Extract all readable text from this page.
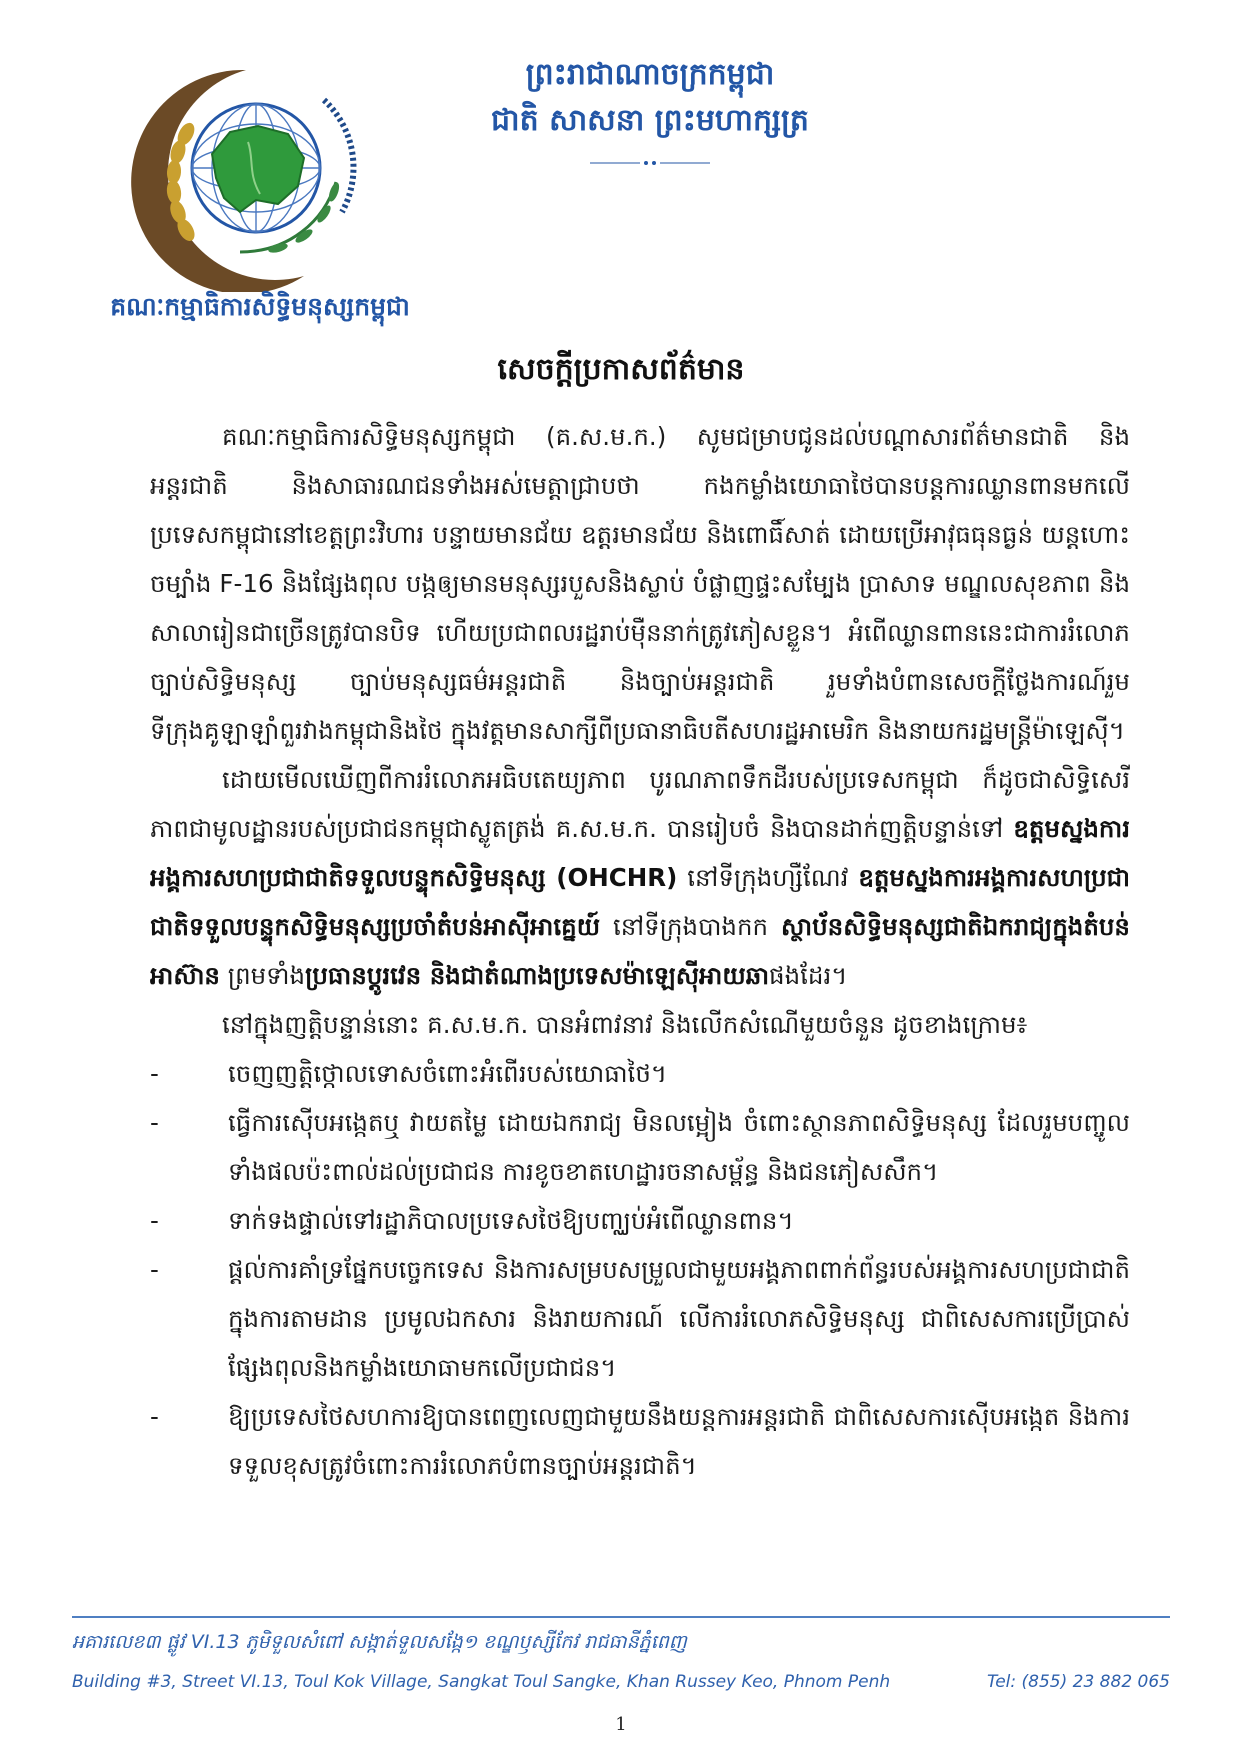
គណៈកម្មាធិការសិទ្ធិមនុស្សកម្ពុជា
ព្រះរាជាណាចក្រកម្ពុជា
ជាតិ សាសនា ព្រះមហាក្សត្រ
សេចក្ដីប្រកាសព័ត៌មាន

គណៈកម្មាធិការសិទ្ធិមនុស្សកម្ពុជា (គ.ស.ម.ក.) សូមជម្រាបជូនដល់បណ្ដាសារព័ត៌មានជាតិ និងអន្តរជាតិ និងសាធារណជនទាំងអស់មេត្តាជ្រាបថា កងកម្លាំងយោធាថៃបានបន្តការឈ្លានពានមកលើប្រទេសកម្ពុជានៅខេត្តព្រះវិហារ បន្ទាយមានជ័យ ឧត្តរមានជ័យ និងពោធិ៍សាត់ ដោយប្រើអាវុធធុនធ្ងន់ យន្តហោះចម្បាំង F-16 និងផ្សែងពុល បង្កឲ្យមានមនុស្សរបួសនិងស្លាប់ បំផ្លាញផ្ទះសម្បែង ប្រាសាទ មណ្ឌលសុខភាព និងសាលារៀនជាច្រើនត្រូវបានបិទ ហើយប្រជាពលរដ្ឋរាប់ម៉ឺននាក់ត្រូវភៀសខ្លួន។ អំពើឈ្លានពាននេះជាការរំលោភច្បាប់សិទ្ធិមនុស្ស ច្បាប់មនុស្សធម៌អន្តរជាតិ និងច្បាប់អន្តរជាតិ រួមទាំងបំពានសេចក្ដីថ្លែងការណ៍រួមទីក្រុងគូឡាឡាំពួរវាងកម្ពុជានិងថៃ ក្នុងវត្តមានសាក្សីពីប្រធានាធិបតីសហរដ្ឋអាមេរិក និងនាយករដ្ឋមន្ត្រីម៉ាឡេស៊ី។

ដោយមើលឃើញពីការរំលោភអធិបតេយ្យភាព បូរណភាពទឹកដីរបស់ប្រទេសកម្ពុជា ក៏ដូចជាសិទ្ធិសេរីភាពជាមូលដ្ឋានរបស់ប្រជាជនកម្ពុជាស្លូតត្រង់ គ.ស.ម.ក. បានរៀបចំ និងបានដាក់ញត្តិបន្ទាន់ទៅ ឧត្តមស្នងការអង្គការសហប្រជាជាតិទទួលបន្ទុកសិទ្ធិមនុស្ស (OHCHR) នៅទីក្រុងហ្សឺណែវ ឧត្តមស្នងការអង្គការសហប្រជាជាតិទទួលបន្ទុកសិទ្ធិមនុស្សប្រចាំតំបន់អាស៊ីអាគ្នេយ៍ នៅទីក្រុងបាងកក ស្ថាប័នសិទ្ធិមនុស្សជាតិឯករាជ្យក្នុងតំបន់អាស៊ាន ព្រមទាំងប្រធានប្ដូរវេន និងជាតំណាងប្រទេសម៉ាឡេស៊ីអាយឆាផងដែរ។

នៅក្នុងញត្តិបន្ទាន់នោះ គ.ស.ម.ក. បានអំពាវនាវ និងលើកសំណើមួយចំនួន ដូចខាងក្រោម៖

-	ចេញញត្តិថ្កោលទោសចំពោះអំពើរបស់យោធាថៃ។
-	ធ្វើការស៊ើបអង្កេតឬ វាយតម្លៃ ដោយឯករាជ្យ មិនលម្អៀង ចំពោះស្ថានភាពសិទ្ធិមនុស្ស ដែលរួមបញ្ចូលទាំងផលប៉ះពាល់ដល់ប្រជាជន ការខូចខាតហេដ្ឋារចនាសម្ព័ន្ធ និងជនភៀសសឹក។
-	ទាក់ទងផ្ទាល់ទៅរដ្ឋាភិបាលប្រទេសថៃឱ្យបញ្ឈប់អំពើឈ្លានពាន។
-	ផ្ដល់ការគាំទ្រផ្នែកបច្ចេកទេស និងការសម្របសម្រួលជាមួយអង្គភាពពាក់ព័ន្ធរបស់អង្គការសហប្រជាជាតិ ក្នុងការតាមដាន ប្រមូលឯកសារ និងរាយការណ៍ លើការរំលោភសិទ្ធិមនុស្ស ជាពិសេសការប្រើប្រាស់ផ្សែងពុលនិងកម្លាំងយោធាមកលើប្រជាជន។
-	ឱ្យប្រទេសថៃសហការឱ្យបានពេញលេញជាមួយនឹងយន្តការអន្តរជាតិ ជាពិសេសការស៊ើបអង្កេត និងការទទួលខុសត្រូវចំពោះការរំលោភបំពានច្បាប់អន្តរជាតិ។
អគារលេខ៣ ផ្លូវ VI.13 ភូមិទួលសំពៅ សង្កាត់ទួលសង្កែ១ ខណ្ឌឫស្សីកែវ រាជធានីភ្នំពេញ
Building #3, Street VI.13, Toul Kok Village, Sangkat Toul Sangke, Khan Russey Keo, Phnom Penh	Tel: (855) 23 882 065
1
